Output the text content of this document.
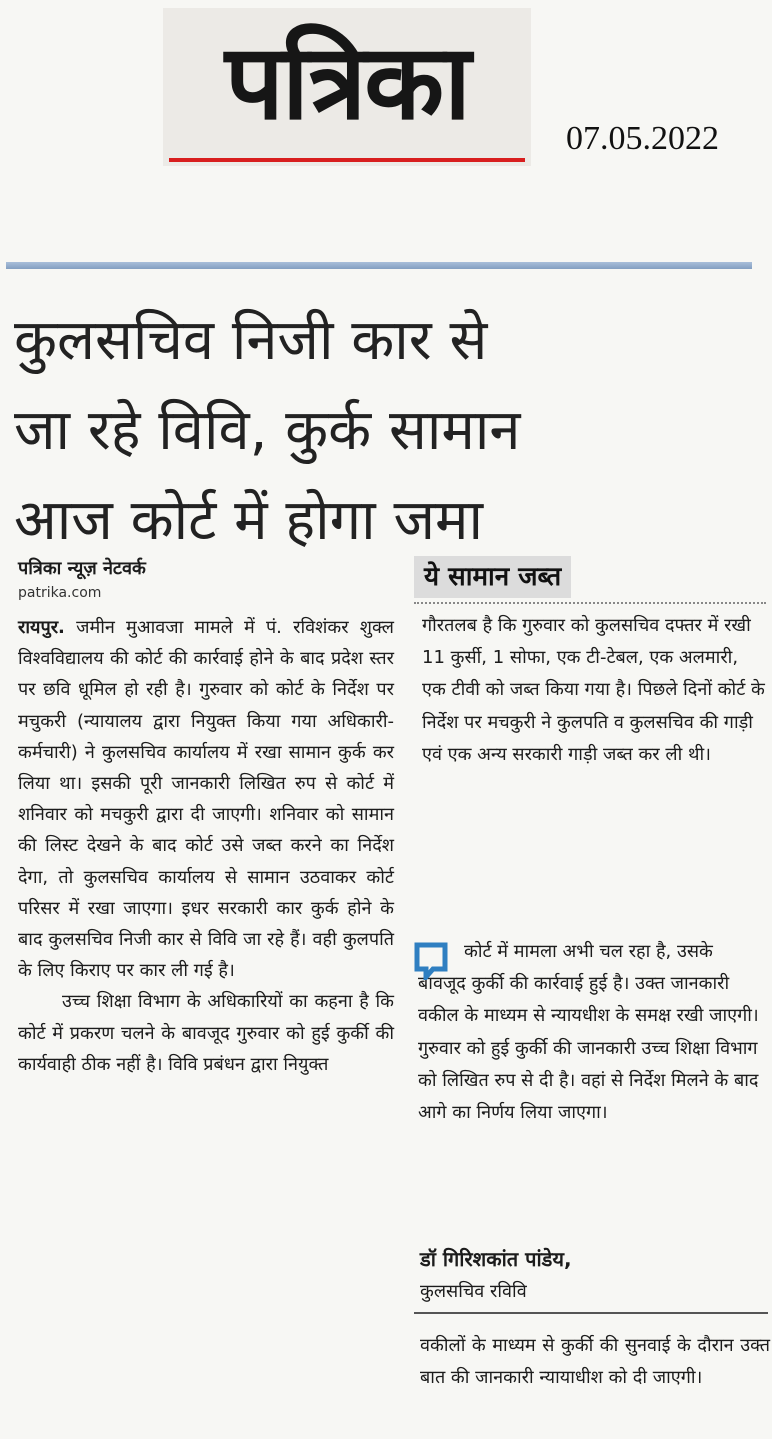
पत्रिका	07.05.2022
कुलसचिव निजी कार से
जा रहे विवि, कुर्क सामान
आज कोर्ट में होगा जमा
पत्रिका न्यूज़ नेटवर्क
patrika.com

रायपुर. जमीन मुआवजा मामले में पं. रविशंकर शुक्ल विश्वविद्यालय की कोर्ट की कार्रवाई होने के बाद प्रदेश स्तर पर छवि धूमिल हो रही है। गुरुवार को कोर्ट के निर्देश पर मचुकरी (न्यायालय द्वारा नियुक्त किया गया अधिकारी-कर्मचारी) ने कुलसचिव कार्यालय में रखा सामान कुर्क कर लिया था। इसकी पूरी जानकारी लिखित रुप से कोर्ट में शनिवार को मचकुरी द्वारा दी जाएगी। शनिवार को सामान की लिस्ट देखने के बाद कोर्ट उसे जब्त करने का निर्देश देगा, तो कुलसचिव कार्यालय से सामान उठवाकर कोर्ट परिसर में रखा जाएगा। इधर सरकारी कार कुर्क होने के बाद कुलसचिव निजी कार से विवि जा रहे हैं। वही कुलपति के लिए किराए पर कार ली गई है।

उच्च शिक्षा विभाग के अधिकारियों का कहना है कि कोर्ट में प्रकरण चलने के बावजूद गुरुवार को हुई कुर्की की कार्यवाही ठीक नहीं है। विवि प्रबंधन द्वारा नियुक्त

ये सामान जब्त
गौरतलब है कि गुरुवार को कुलसचिव दफ्तर में रखी 11 कुर्सी, 1 सोफा, एक टी-टेबल, एक अलमारी, एक टीवी को जब्त किया गया है। पिछले दिनों कोर्ट के निर्देश पर मचकुरी ने कुलपति व कुलसचिव की गाड़ी एवं एक अन्य सरकारी गाड़ी जब्त कर ली थी।
कोर्ट में मामला अभी चल रहा है, उसके बावजूद कुर्की की कार्रवाई हुई है। उक्त जानकारी वकील के माध्यम से न्यायधीश के समक्ष रखी जाएगी। गुरुवार को हुई कुर्की की जानकारी उच्च शिक्षा विभाग को लिखित रुप से दी है। वहां से निर्देश मिलने के बाद आगे का निर्णय लिया जाएगा।
डॉ गिरिशकांत पांडेय,
कुलसचिव रविवि
वकीलों के माध्यम से कुर्की की सुनवाई के दौरान उक्त बात की जानकारी न्यायाधीश को दी जाएगी।
